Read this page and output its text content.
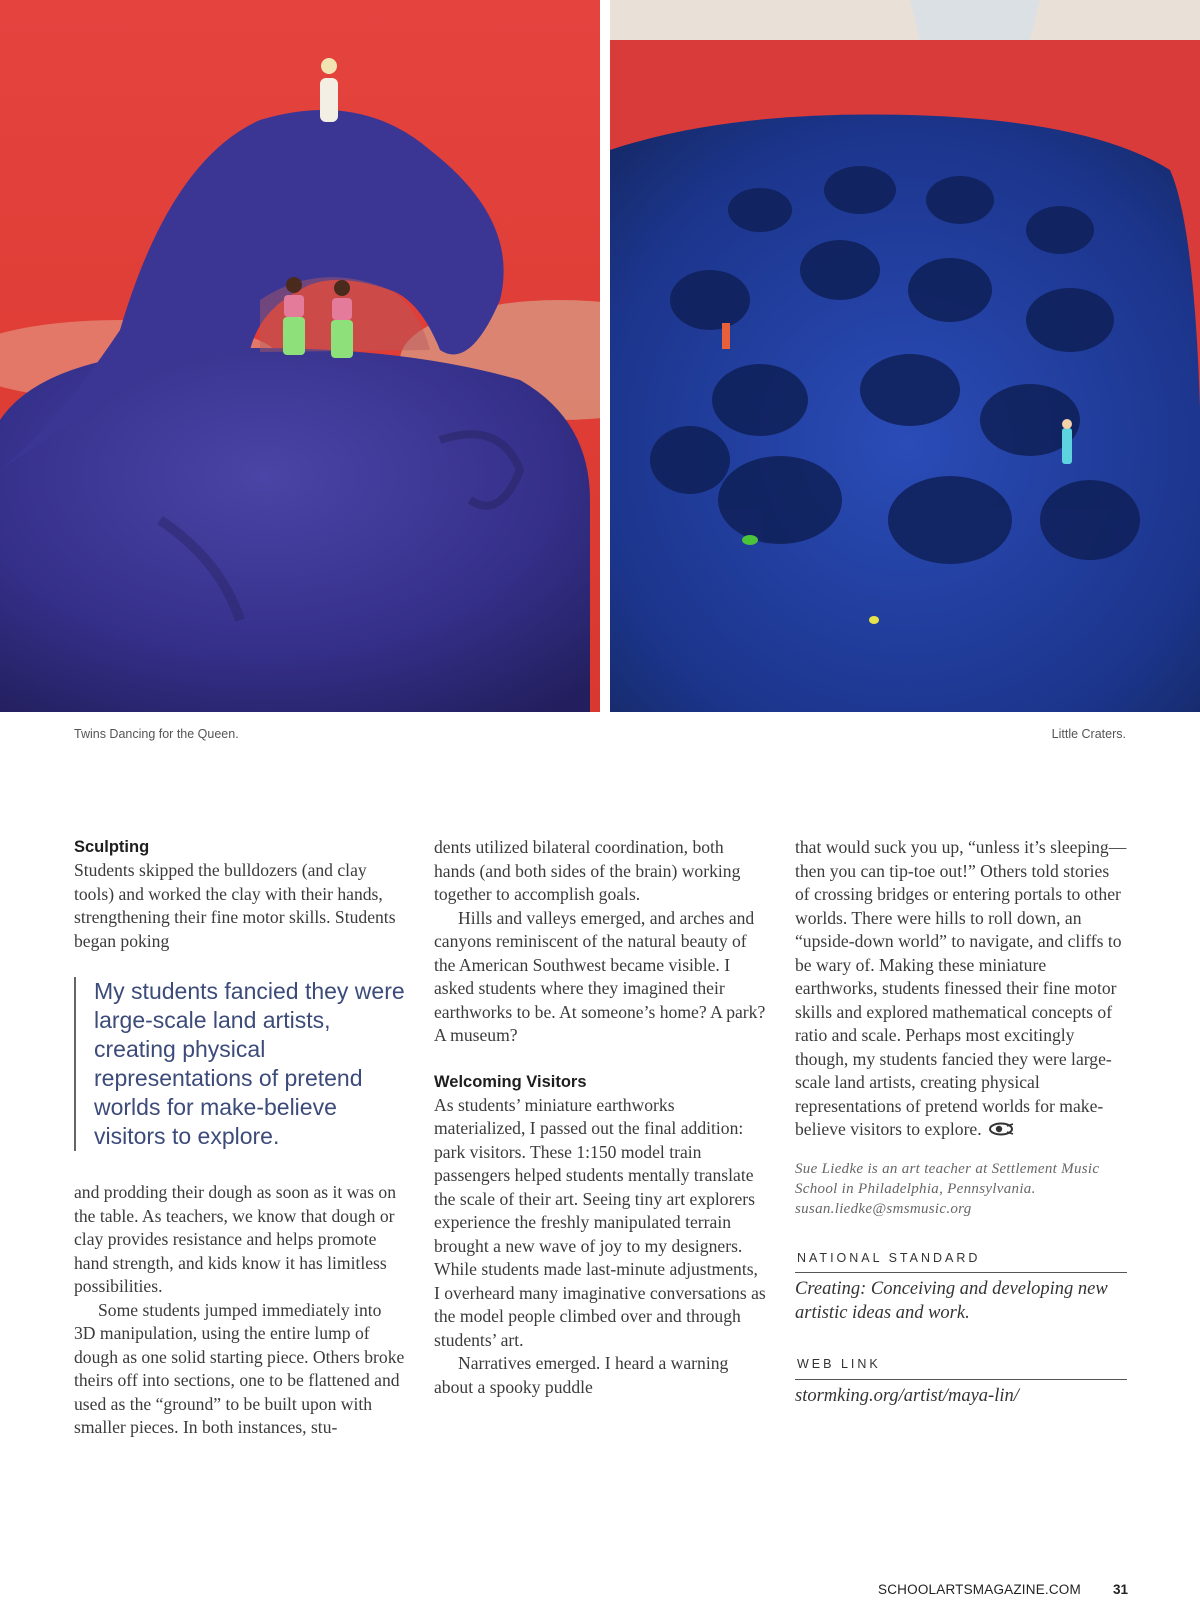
Twins Dancing for the Queen.	Little Craters.

Sculpting

Students skipped the bulldozers (and clay tools) and worked the clay with their hands, strengthening their fine motor skills. Students began poking

My students fancied they were large-scale land artists, creating physical representations of pretend worlds for make-believe visitors to explore.

and prodding their dough as soon as it was on the table. As teachers, we know that dough or clay provides resistance and helps promote hand strength, and kids know it has limitless possibilities.

Some students jumped immediately into 3D manipulation, using the entire lump of dough as one solid starting piece. Others broke theirs off into sections, one to be flattened and used as the “ground” to be built upon with smaller pieces. In both instances, stu-

dents utilized bilateral coordination, both hands (and both sides of the brain) working together to accomplish goals.

Hills and valleys emerged, and arches and canyons reminiscent of the natural beauty of the American Southwest became visible. I asked students where they imagined their earthworks to be. At someone’s home? A park? A museum?

Welcoming Visitors

As students’ miniature earthworks materialized, I passed out the final addition: park visitors. These 1:150 model train passengers helped students mentally translate the scale of their art. Seeing tiny art explorers experience the freshly manipulated terrain brought a new wave of joy to my designers. While students made last-minute adjustments, I overheard many imaginative conversations as the model people climbed over and through students’ art.

Narratives emerged. I heard a warning about a spooky puddle

that would suck you up, “unless it’s sleeping—then you can tip-toe out!” Others told stories of crossing bridges or entering portals to other worlds. There were hills to roll down, an “upside-down world” to navigate, and cliffs to be wary of. Making these miniature earthworks, students finessed their fine motor skills and explored mathematical concepts of ratio and scale. Perhaps most excitingly though, my students fancied they were large-scale land artists, creating physical representations of pretend worlds for make-believe visitors to explore.

Sue Liedke is an art teacher at Settlement Music School in Philadelphia, Pennsylvania. susan.liedke@smsmusic.org
NATIONAL STANDARD
Creating: Conceiving and developing new artistic ideas and work.
WEB LINK
stormking.org/artist/maya-lin/
SCHOOLARTSMAGAZINE.COM 31
